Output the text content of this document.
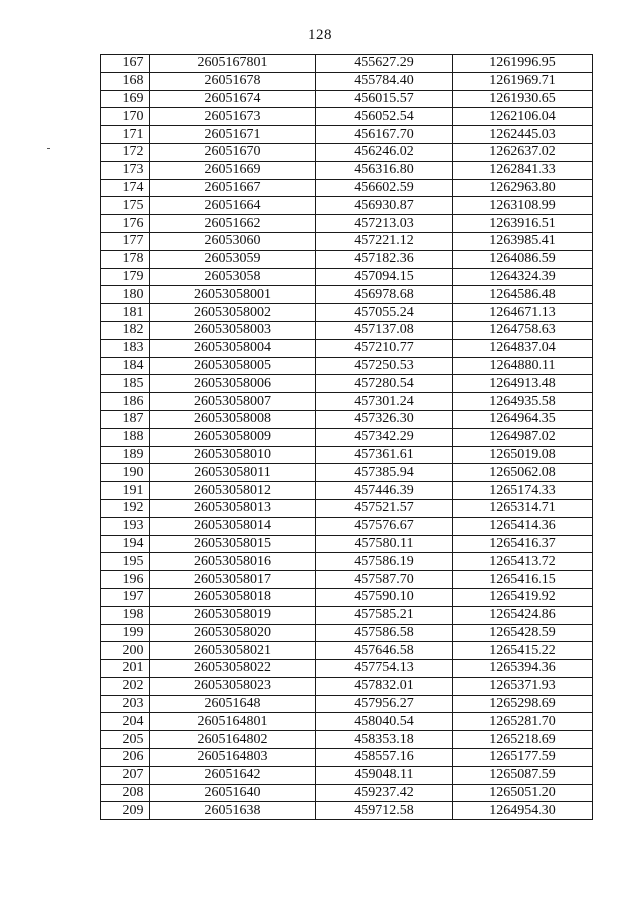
128
167	2605167801	455627.29	1261996.95
168	26051678	455784.40	1261969.71
169	26051674	456015.57	1261930.65
170	26051673	456052.54	1262106.04
171	26051671	456167.70	1262445.03
172	26051670	456246.02	1262637.02
173	26051669	456316.80	1262841.33
174	26051667	456602.59	1262963.80
175	26051664	456930.87	1263108.99
176	26051662	457213.03	1263916.51
177	26053060	457221.12	1263985.41
178	26053059	457182.36	1264086.59
179	26053058	457094.15	1264324.39
180	26053058001	456978.68	1264586.48
181	26053058002	457055.24	1264671.13
182	26053058003	457137.08	1264758.63
183	26053058004	457210.77	1264837.04
184	26053058005	457250.53	1264880.11
185	26053058006	457280.54	1264913.48
186	26053058007	457301.24	1264935.58
187	26053058008	457326.30	1264964.35
188	26053058009	457342.29	1264987.02
189	26053058010	457361.61	1265019.08
190	26053058011	457385.94	1265062.08
191	26053058012	457446.39	1265174.33
192	26053058013	457521.57	1265314.71
193	26053058014	457576.67	1265414.36
194	26053058015	457580.11	1265416.37
195	26053058016	457586.19	1265413.72
196	26053058017	457587.70	1265416.15
197	26053058018	457590.10	1265419.92
198	26053058019	457585.21	1265424.86
199	26053058020	457586.58	1265428.59
200	26053058021	457646.58	1265415.22
201	26053058022	457754.13	1265394.36
202	26053058023	457832.01	1265371.93
203	26051648	457956.27	1265298.69
204	2605164801	458040.54	1265281.70
205	2605164802	458353.18	1265218.69
206	2605164803	458557.16	1265177.59
207	26051642	459048.11	1265087.59
208	26051640	459237.42	1265051.20
209	26051638	459712.58	1264954.30
